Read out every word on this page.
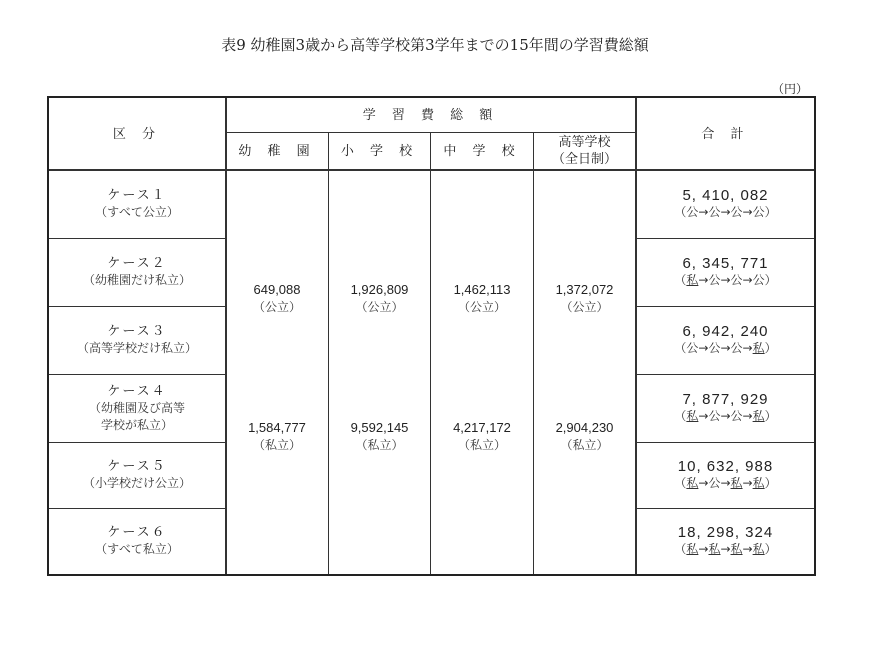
表9 幼稚園3歳から高等学校第3学年までの15年間の学習費総額
（円）
区 分
学 習 費 総 額
幼 稚 園	小 学 校	中 学 校
高等学校
（全日制）
合 計
ケース１
（すべて公立）
5, 410, 082
（公→公→公→公）
ケース２
（幼稚園だけ私立）
6, 345, 771
（私→公→公→公）
ケース３
（高等学校だけ私立）
6, 942, 240
（公→公→公→私）
ケース４
（幼稚園及び高等
学校が私立）
7, 877, 929
（私→公→公→私）
ケース５
（小学校だけ公立）
10, 632, 988
（私→公→私→私）
ケース６
（すべて私立）
18, 298, 324
（私→私→私→私）
649,088
（公立）
1,926,809
（公立）
1,462,113
（公立）
1,372,072
（公立）
1,584,777
（私立）
9,592,145
（私立）
4,217,172
（私立）
2,904,230
（私立）
